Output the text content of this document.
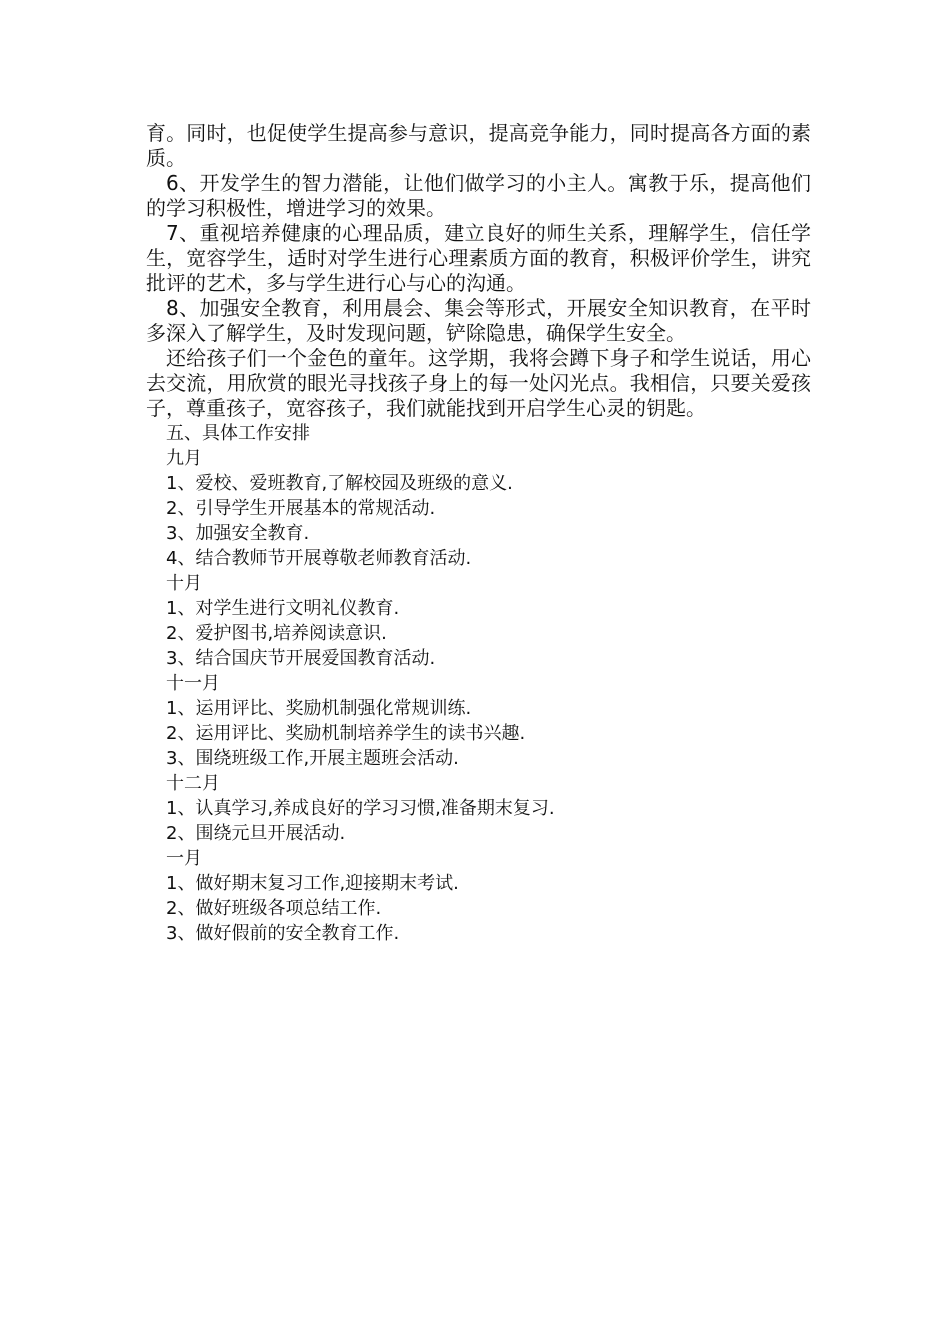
育。同时，也促使学生提高参与意识，提高竞争能力，同时提高各方面的素质。

6、开发学生的智力潜能，让他们做学习的小主人。寓教于乐，提高他们的学习积极性，增进学习的效果。

7、重视培养健康的心理品质，建立良好的师生关系，理解学生，信任学生，宽容学生，适时对学生进行心理素质方面的教育，积极评价学生，讲究批评的艺术，多与学生进行心与心的沟通。

8、加强安全教育，利用晨会、集会等形式，开展安全知识教育，在平时多深入了解学生，及时发现问题，铲除隐患，确保学生安全。

还给孩子们一个金色的童年。这学期，我将会蹲下身子和学生说话，用心去交流，用欣赏的眼光寻找孩子身上的每一处闪光点。我相信，只要关爱孩子，尊重孩子，宽容孩子，我们就能找到开启学生心灵的钥匙。

五、具体工作安排

九月

1、爱校、爱班教育,了解校园及班级的意义.

2、引导学生开展基本的常规活动.

3、加强安全教育.

4、结合教师节开展尊敬老师教育活动.

十月

1、对学生进行文明礼仪教育.

2、爱护图书,培养阅读意识.

3、结合国庆节开展爱国教育活动.

十一月

1、运用评比、奖励机制强化常规训练.

2、运用评比、奖励机制培养学生的读书兴趣.

3、围绕班级工作,开展主题班会活动.

十二月

1、认真学习,养成良好的学习习惯,准备期末复习.

2、围绕元旦开展活动.

一月

1、做好期末复习工作,迎接期末考试.

2、做好班级各项总结工作.

3、做好假前的安全教育工作.
